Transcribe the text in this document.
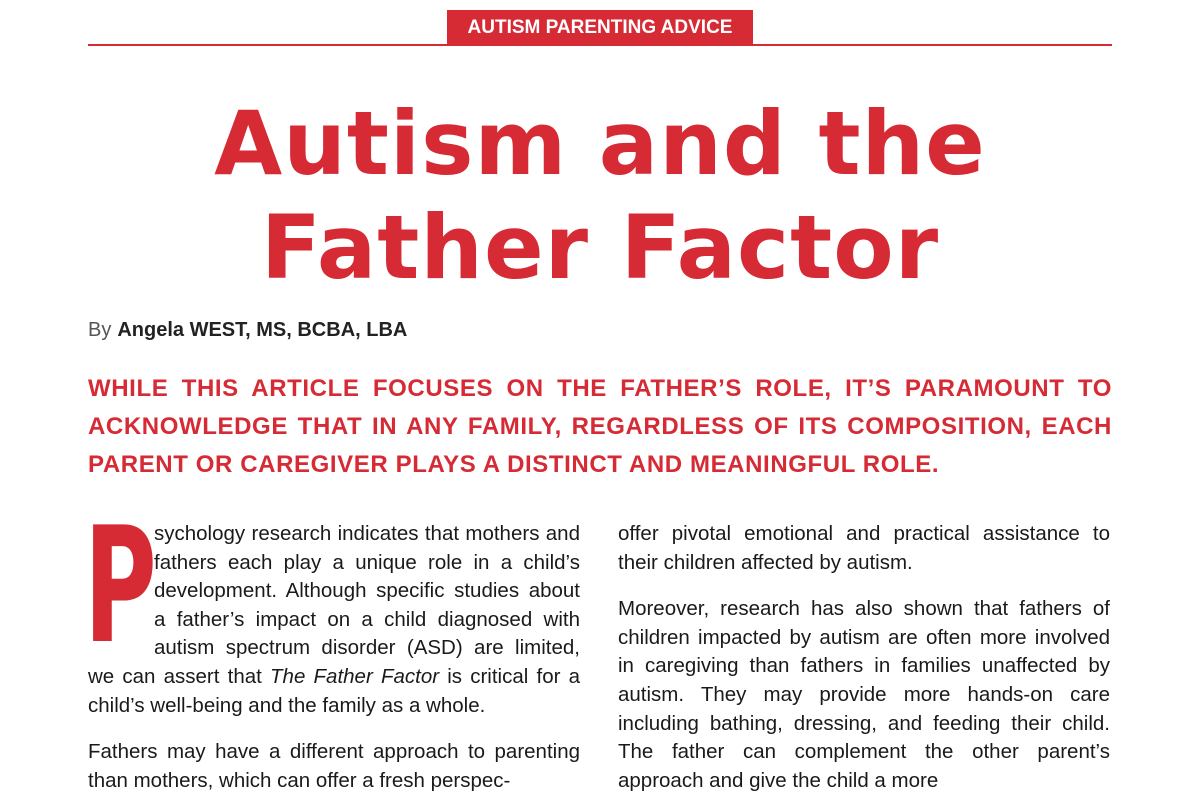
AUTISM PARENTING ADVICE
Autism and the
Father Factor
By Angela WEST, MS, BCBA, LBA

WHILE THIS ARTICLE FOCUSES ON THE FATHER’S ROLE, IT’S PARAMOUNT TO ACKNOWLEDGE THAT IN ANY FAMILY, REGARDLESS OF ITS COMPOSITION, EACH PARENT OR CAREGIVER PLAYS A DISTINCT AND MEANINGFUL ROLE.

P
sychology research indicates that mothers and fathers each play a unique role in a child’s development. Although specific studies about a father’s impact on a child diagnosed with autism spectrum disorder (ASD) are limited, we can assert that The Father Factor is critical for a child’s well-being and the family as a whole.

Fathers may have a different approach to parenting than mothers, which can offer a fresh perspec-

offer pivotal emotional and practical assistance to their children affected by autism.

Moreover, research has also shown that fathers of children impacted by autism are often more involved in caregiving than fathers in families unaffected by autism. They may provide more hands-on care including bathing, dressing, and feeding their child. The father can complement the other parent’s approach and give the child a more
